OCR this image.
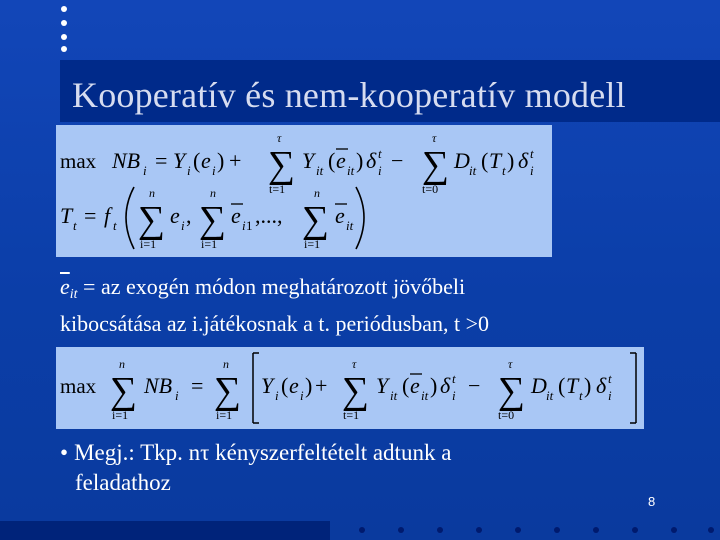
Kooperatív és nem-kooperatív modell
max NB i = Y i ( e i ) +
τ
∑
t=1
Y it ( e it ) δ t
i −
τ
∑
t=0
D it ( T t ) δ t
i
T t = f t
n
∑
i=1
e i ,
n
∑
i=1
e i 1 ,...,
n
∑
i=1
e it
$\overline{e}it$ = az exogén módon meghatározott jövőbeli
kibocsátása az i.játékosnak a t. periódusban, t >0
max
n
∑
i=1
NB i =
n
∑
i=1
Y i ( e i ) +
τ
∑
t=1
Y it ( e it ) δ t
i −
τ
∑
t=0
D it ( T t ) δ t
i
• Megj.: Tkp. nτ kényszerfeltételt adtunk a
feladathoz
8
